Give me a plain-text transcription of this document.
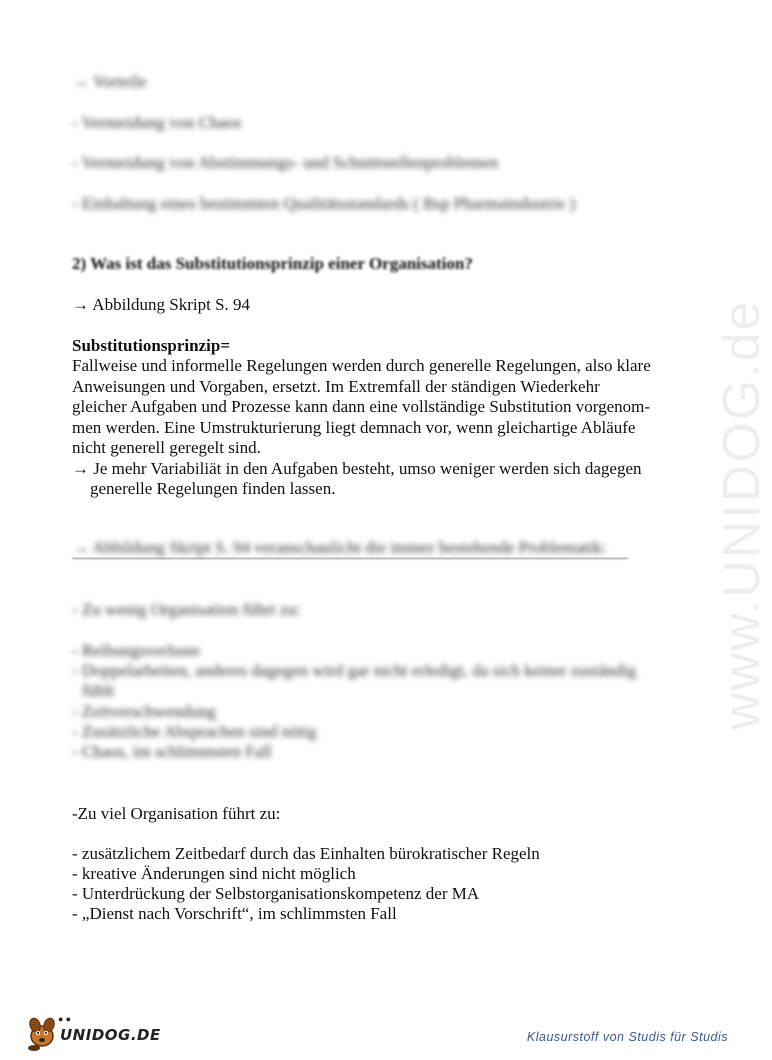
→ Vorteile
- Vermeidung von Chaos
- Vermeidung von Abstimmungs- und Schnittstellenproblemen
- Einhaltung eines bestimmten Qualitätsstandards ( Bsp Pharmaindustrie )
2) Was ist das Substitutionsprinzip einer Organisation?
→ Abbildung Skript S. 94
Substitutionsprinzip=
Fallweise und informelle Regelungen werden durch generelle Regelungen, also klare
Anweisungen und Vorgaben, ersetzt. Im Extremfall der ständigen Wiederkehr
gleicher Aufgaben und Prozesse kann dann eine vollständige Substitution vorgenom-
men werden. Eine Umstrukturierung liegt demnach vor, wenn gleichartige Abläufe
nicht generell geregelt sind.
→ Je mehr Variabiliät in den Aufgaben besteht, umso weniger werden sich dagegen
generelle Regelungen finden lassen.
→ Abbildung Skript S. 94 veranschaulicht die immer bestehende Problematik:
- Zu wenig Organisation führt zu:
- Reibungsverluste
- Doppelarbeiten, anderes dagegen wird gar nicht erledigt, da sich keiner zuständig
fühlt
- Zeitverschwendung
- Zusätzliche Absprachen sind nötig
- Chaos, im schlimmsten Fall
-Zu viel Organisation führt zu:
- zusätzlichem Zeitbedarf durch das Einhalten bürokratischer Regeln
- kreative Änderungen sind nicht möglich
- Unterdrückung der Selbstorganisationskompetenz der MA
- „Dienst nach Vorschrift“, im schlimmsten Fall
www.UNIDOG.de
● ●
UNIDOG.DE	Klausurstoff von Studis für Studis
